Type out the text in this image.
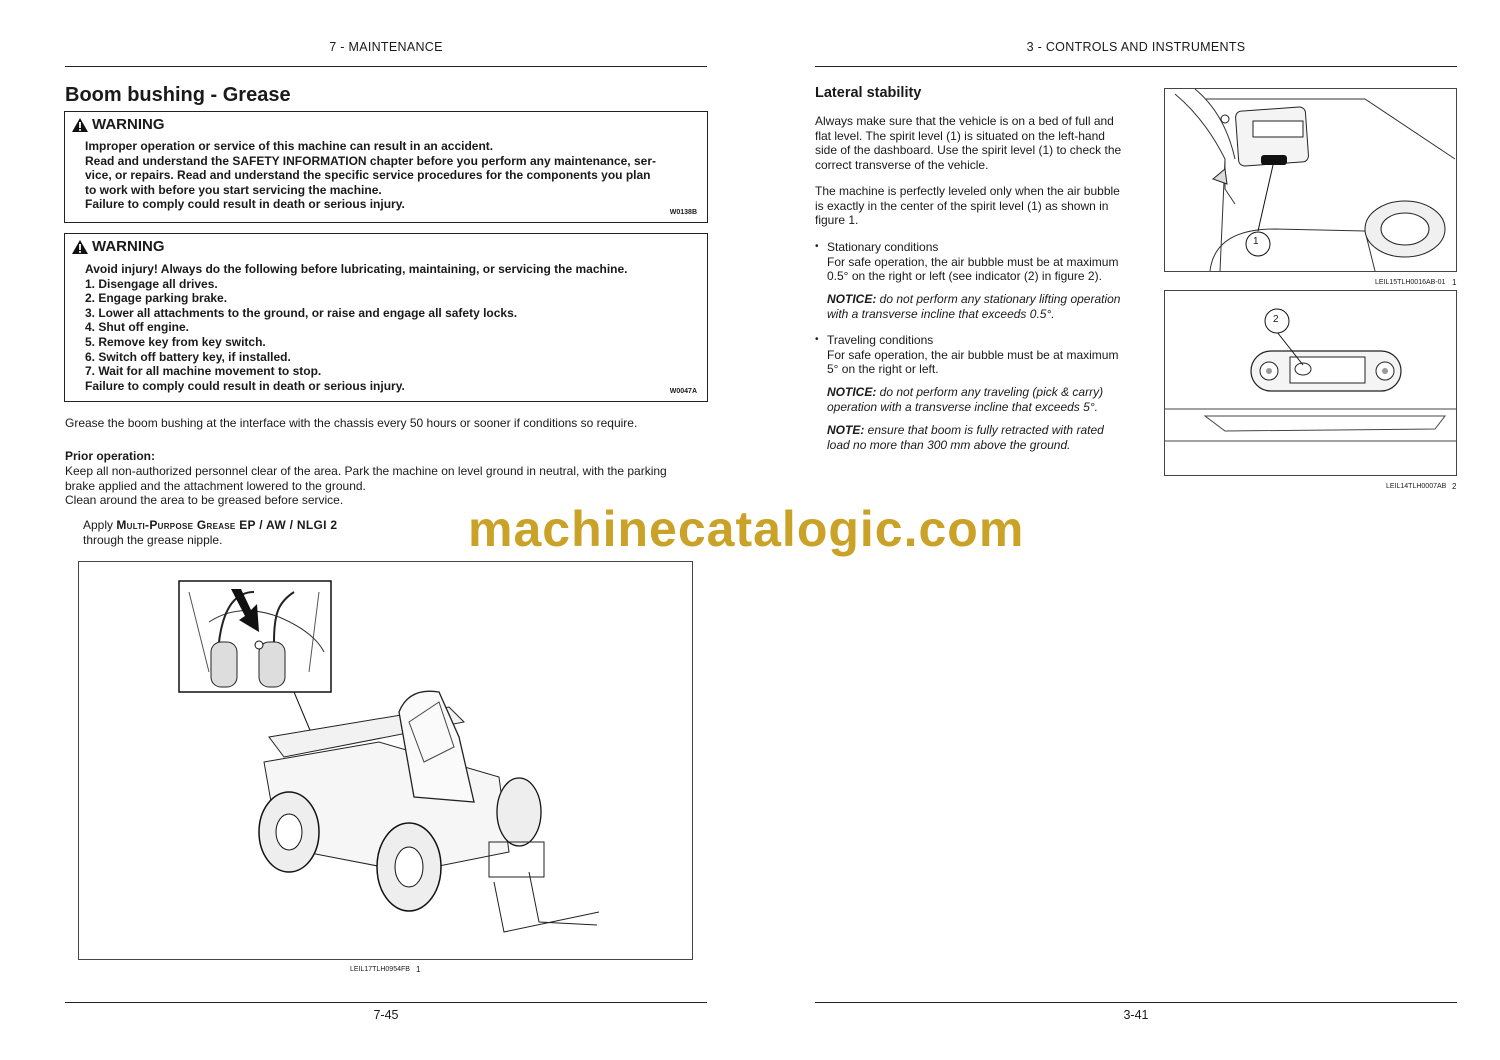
7 - MAINTENANCE
Boom bushing - Grease
WARNING
Improper operation or service of this machine can result in an accident.
Read and understand the SAFETY INFORMATION chapter before you perform any maintenance, ser-
vice, or repairs. Read and understand the specific service procedures for the components you plan
to work with before you start servicing the machine.
Failure to comply could result in death or serious injury.
W0138B
WARNING
Avoid injury! Always do the following before lubricating, maintaining, or servicing the machine.
1. Disengage all drives.
2. Engage parking brake.
3. Lower all attachments to the ground, or raise and engage all safety locks.
4. Shut off engine.
5. Remove key from key switch.
6. Switch off battery key, if installed.
7. Wait for all machine movement to stop.
Failure to comply could result in death or serious injury.	W0047A
Grease the boom bushing at the interface with the chassis every 50 hours or sooner if conditions so require.
Prior operation:
Keep all non-authorized personnel clear of the area. Park the machine on level ground in neutral, with the parking
brake applied and the attachment lowered to the ground.
Clean around the area to be greased before service.
Apply Multi-Purpose Grease EP / AW / NLGI 2
through the grease nipple.
LEIL17TLH0954FB 1
7-45
3 - CONTROLS AND INSTRUMENTS
Lateral stability
Always make sure that the vehicle is on a bed of full and
flat level. The spirit level (1) is situated on the left-hand
side of the dashboard. Use the spirit level (1) to check the
correct transverse of the vehicle.
The machine is perfectly leveled only when the air bubble
is exactly in the center of the spirit level (1) as shown in
figure 1.
• Stationary conditions
For safe operation, the air bubble must be at maximum
0.5° on the right or left (see indicator (2) in figure 2).
NOTICE: do not perform any stationary lifting operation
with a transverse incline that exceeds 0.5°.
• Traveling conditions
For safe operation, the air bubble must be at maximum
5° on the right or left.
NOTICE: do not perform any traveling (pick & carry)
operation with a transverse incline that exceeds 5°.
NOTE: ensure that boom is fully retracted with rated
load no more than 300 mm above the ground.
1
LEIL15TLH0016AB-01 1
2
LEIL14TLH0007AB 2
3-41
machinecatalogic.com
